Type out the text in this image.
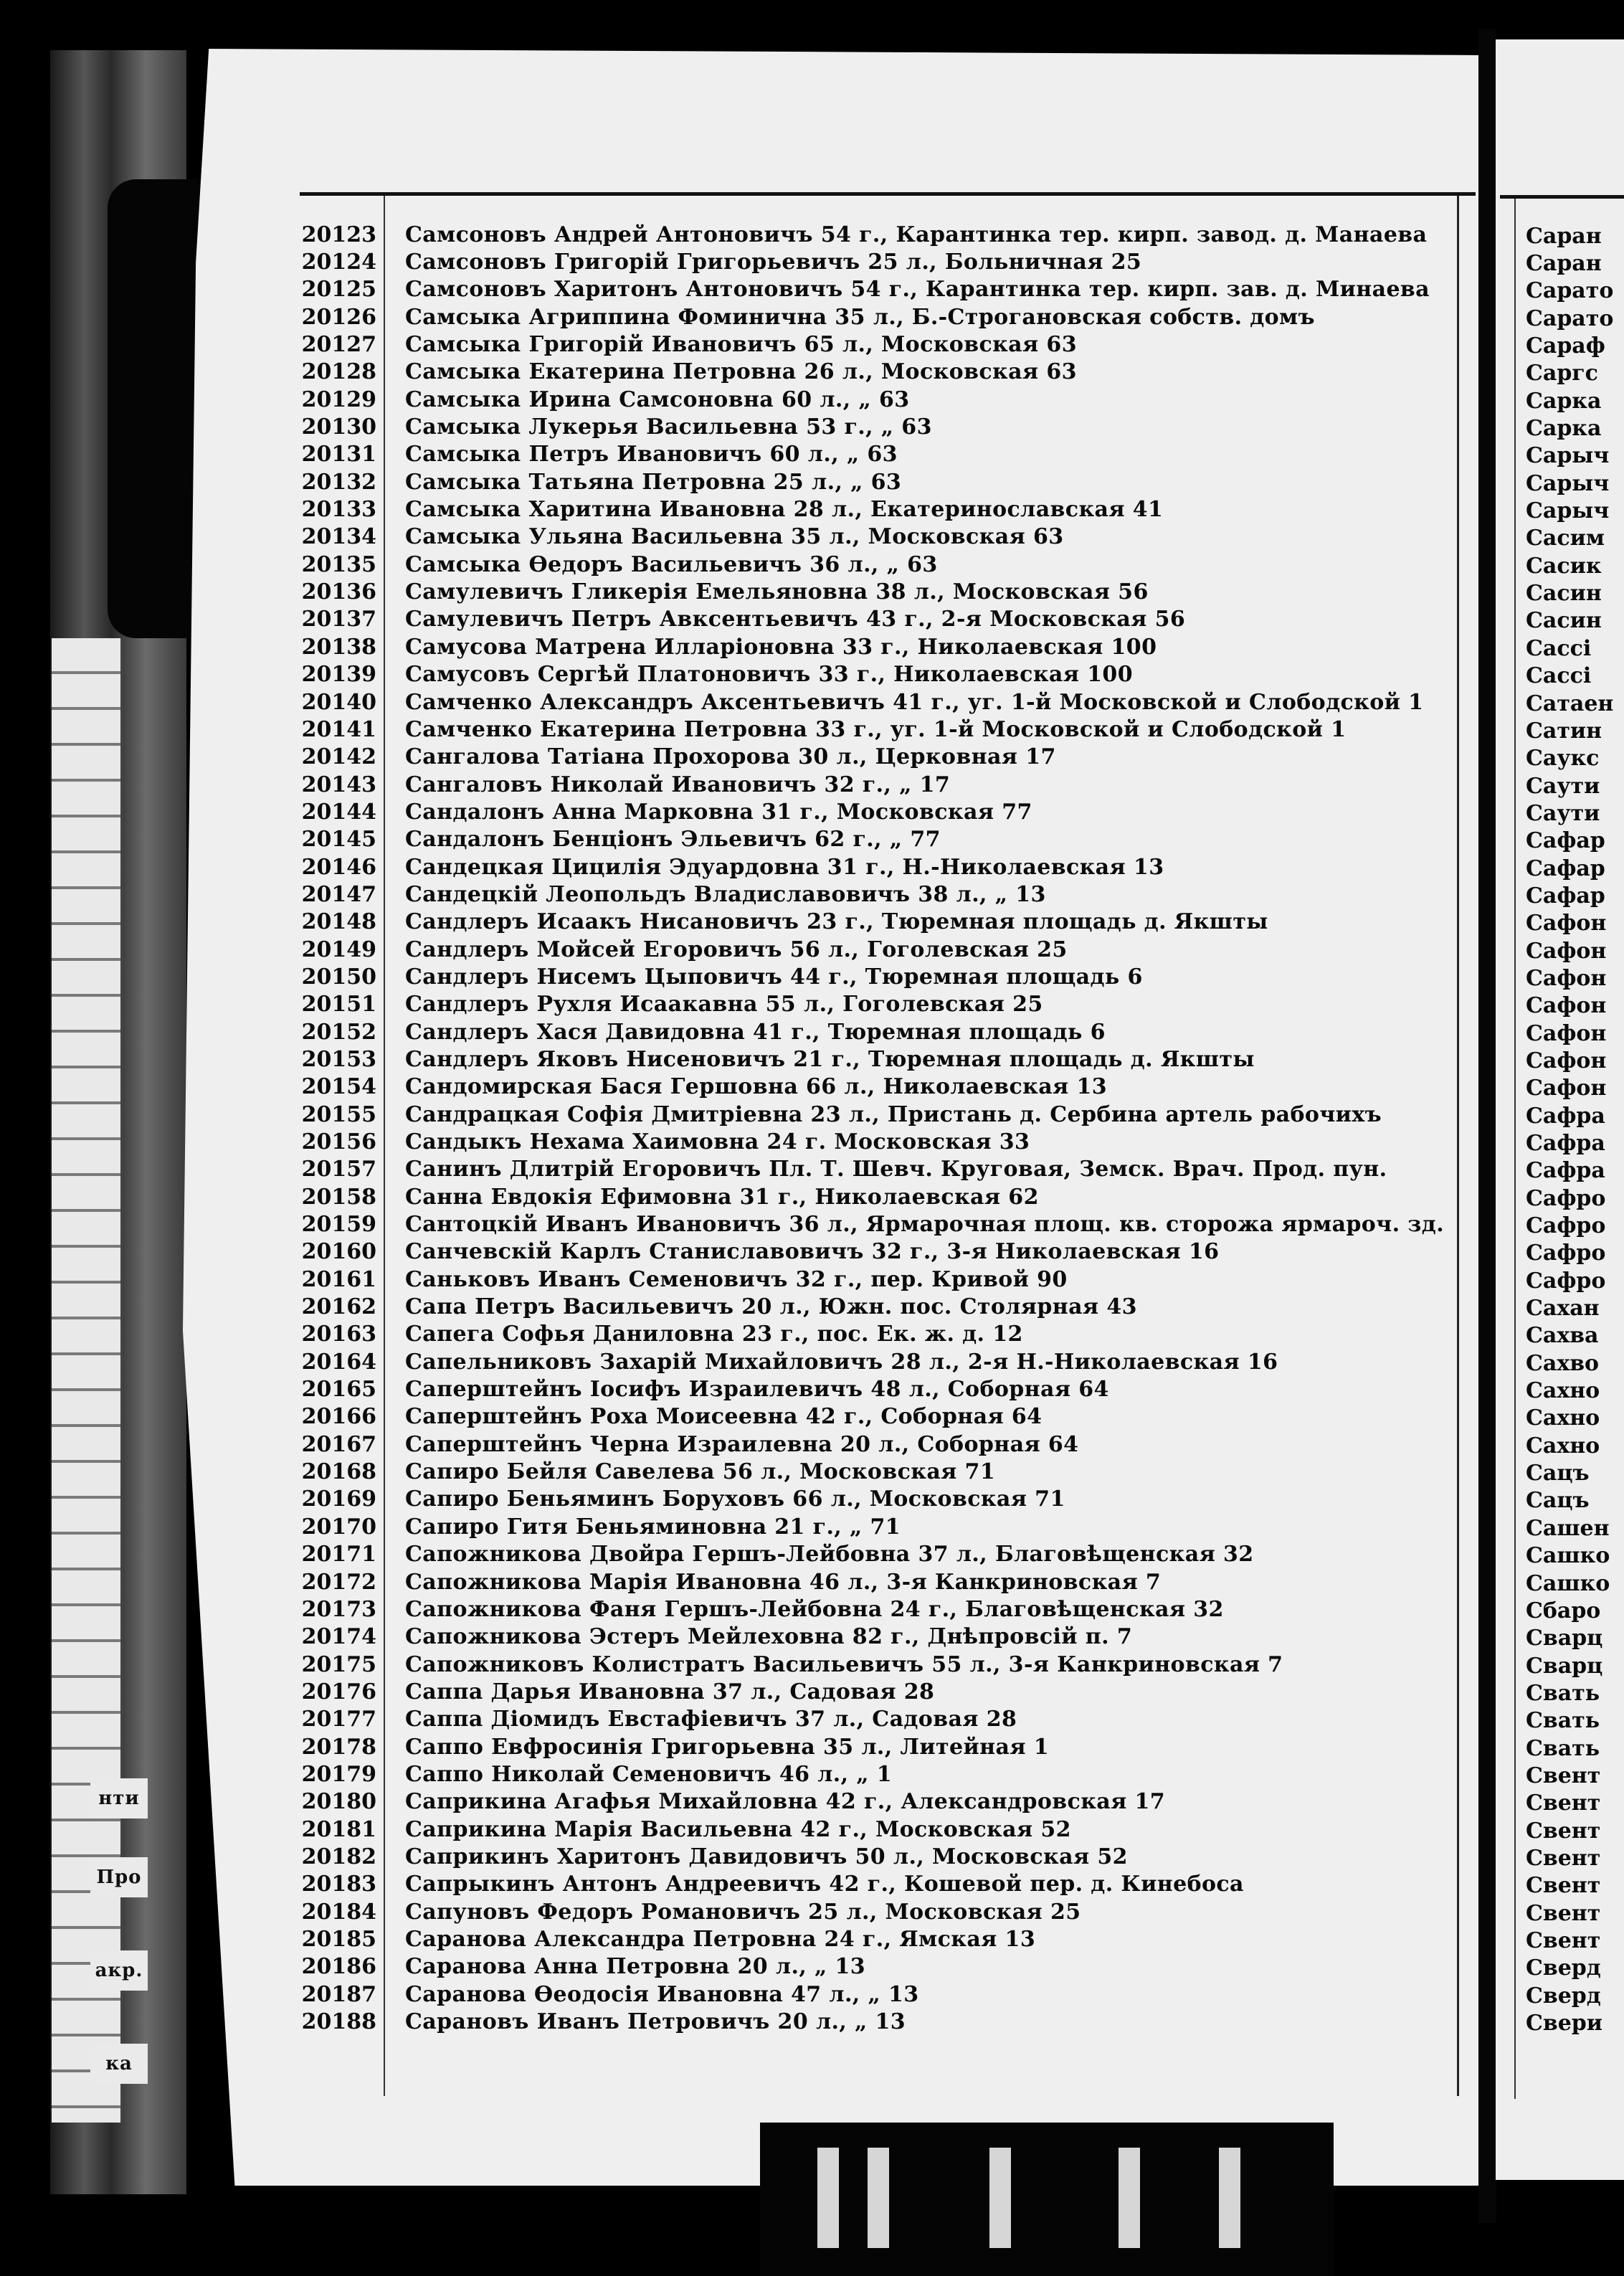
нти
Про
акр.
ка
20123	Самсоновъ Андрей Антоновичъ 54 г., Карантинка тер. кирп. завод. д. Манаева
20124	Самсоновъ Григорій Григорьевичъ 25 л., Больничная 25
20125	Самсоновъ Харитонъ Антоновичъ 54 г., Карантинка тер. кирп. зав. д. Минаева
20126	Самсыка Агриппина Фоминична 35 л., Б.-Строгановская собств. домъ
20127	Самсыка Григорій Ивановичъ 65 л., Московская 63
20128	Самсыка Екатерина Петровна 26 л., Московская 63
20129	Самсыка Ирина Самсоновна 60 л., „ 63
20130	Самсыка Лукерья Васильевна 53 г., „ 63
20131	Самсыка Петръ Ивановичъ 60 л., „ 63
20132	Самсыка Татьяна Петровна 25 л., „ 63
20133	Самсыка Харитина Ивановна 28 л., Екатеринославская 41
20134	Самсыка Ульяна Васильевна 35 л., Московская 63
20135	Самсыка Ѳедоръ Васильевичъ 36 л., „ 63
20136	Самулевичъ Гликерія Емельяновна 38 л., Московская 56
20137	Самулевичъ Петръ Авксентьевичъ 43 г., 2-я Московская 56
20138	Самусова Матрена Илларіоновна 33 г., Николаевская 100
20139	Самусовъ Сергѣй Платоновичъ 33 г., Николаевская 100
20140	Самченко Александръ Аксентьевичъ 41 г., уг. 1-й Московской и Слободской 1
20141	Самченко Екатерина Петровна 33 г., уг. 1-й Московской и Слободской 1
20142	Сангалова Татіана Прохорова 30 л., Церковная 17
20143	Сангаловъ Николай Ивановичъ 32 г., „ 17
20144	Сандалонъ Анна Марковна 31 г., Московская 77
20145	Сандалонъ Бенціонъ Эльевичъ 62 г., „ 77
20146	Сандецкая Цицилія Эдуардовна 31 г., Н.-Николаевская 13
20147	Сандецкій Леопольдъ Владиславовичъ 38 л., „ 13
20148	Сандлеръ Исаакъ Нисановичъ 23 г., Тюремная площадь д. Якшты
20149	Сандлеръ Мойсей Егоровичъ 56 л., Гоголевская 25
20150	Сандлеръ Нисемъ Цыповичъ 44 г., Тюремная площадь 6
20151	Сандлеръ Рухля Исаакавна 55 л., Гоголевская 25
20152	Сандлеръ Хася Давидовна 41 г., Тюремная площадь 6
20153	Сандлеръ Яковъ Нисеновичъ 21 г., Тюремная площадь д. Якшты
20154	Сандомирская Бася Гершовна 66 л., Николаевская 13
20155	Сандрацкая Софія Дмитріевна 23 л., Пристань д. Сербина артель рабочихъ
20156	Сандыкъ Нехама Хаимовна 24 г. Московская 33
20157	Санинъ Длитрій Егоровичъ Пл. Т. Шевч. Круговая, Земск. Врач. Прод. пун.
20158	Санна Евдокія Ефимовна 31 г., Николаевская 62
20159	Сантоцкій Иванъ Ивановичъ 36 л., Ярмарочная площ. кв. сторожа ярмароч. зд.
20160	Санчевскій Карлъ Станиславовичъ 32 г., 3-я Николаевская 16
20161	Саньковъ Иванъ Семеновичъ 32 г., пер. Кривой 90
20162	Сапа Петръ Васильевичъ 20 л., Южн. пос. Столярная 43
20163	Сапега Софья Даниловна 23 г., пос. Ек. ж. д. 12
20164	Сапельниковъ Захарій Михайловичъ 28 л., 2-я Н.-Николаевская 16
20165	Саперштейнъ Іосифъ Израилевичъ 48 л., Соборная 64
20166	Саперштейнъ Роха Моисеевна 42 г., Соборная 64
20167	Саперштейнъ Черна Израилевна 20 л., Соборная 64
20168	Сапиро Бейля Савелева 56 л., Московская 71
20169	Сапиро Беньяминъ Боруховъ 66 л., Московская 71
20170	Сапиро Гитя Беньяминовна 21 г., „ 71
20171	Сапожникова Двойра Гершъ-Лейбовна 37 л., Благовѣщенская 32
20172	Сапожникова Марія Ивановна 46 л., 3-я Канкриновская 7
20173	Сапожникова Фаня Гершъ-Лейбовна 24 г., Благовѣщенская 32
20174	Сапожникова Эстеръ Мейлеховна 82 г., Днѣпровсій п. 7
20175	Сапожниковъ Колистратъ Васильевичъ 55 л., 3-я Канкриновская 7
20176	Саппа Дарья Ивановна 37 л., Садовая 28
20177	Саппа Діомидъ Евстафіевичъ 37 л., Садовая 28
20178	Саппо Евфросинія Григорьевна 35 л., Литейная 1
20179	Саппо Николай Семеновичъ 46 л., „ 1
20180	Саприкина Агафья Михайловна 42 г., Александровская 17
20181	Саприкина Марія Васильевна 42 г., Московская 52
20182	Саприкинъ Харитонъ Давидовичъ 50 л., Московская 52
20183	Сапрыкинъ Антонъ Андреевичъ 42 г., Кошевой пер. д. Кинебоса
20184	Сапуновъ Федоръ Романовичъ 25 л., Московская 25
20185	Саранова Александра Петровна 24 г., Ямская 13
20186	Саранова Анна Петровна 20 л., „ 13
20187	Саранова Ѳеодосія Ивановна 47 л., „ 13
20188	Сарановъ Иванъ Петровичъ 20 л., „ 13
Саран
Саран
Сарато
Сарато
Сараф
Саргс
Сарка
Сарка
Сарыч
Сарыч
Сарыч
Сасим
Сасик
Сасин
Сасин
Сассі
Сассі
Сатаен
Сатин
Саукс
Саути
Саути
Сафар
Сафар
Сафар
Сафон
Сафон
Сафон
Сафон
Сафон
Сафон
Сафон
Сафра
Сафра
Сафра
Сафро
Сафро
Сафро
Сафро
Сахан
Сахва
Сахво
Сахно
Сахно
Сахно
Сацъ
Сацъ
Сашен
Сашко
Сашко
Сбаро
Сварц
Сварц
Свать
Свать
Свать
Свент
Свент
Свент
Свент
Свент
Свент
Свент
Сверд
Сверд
Свери
